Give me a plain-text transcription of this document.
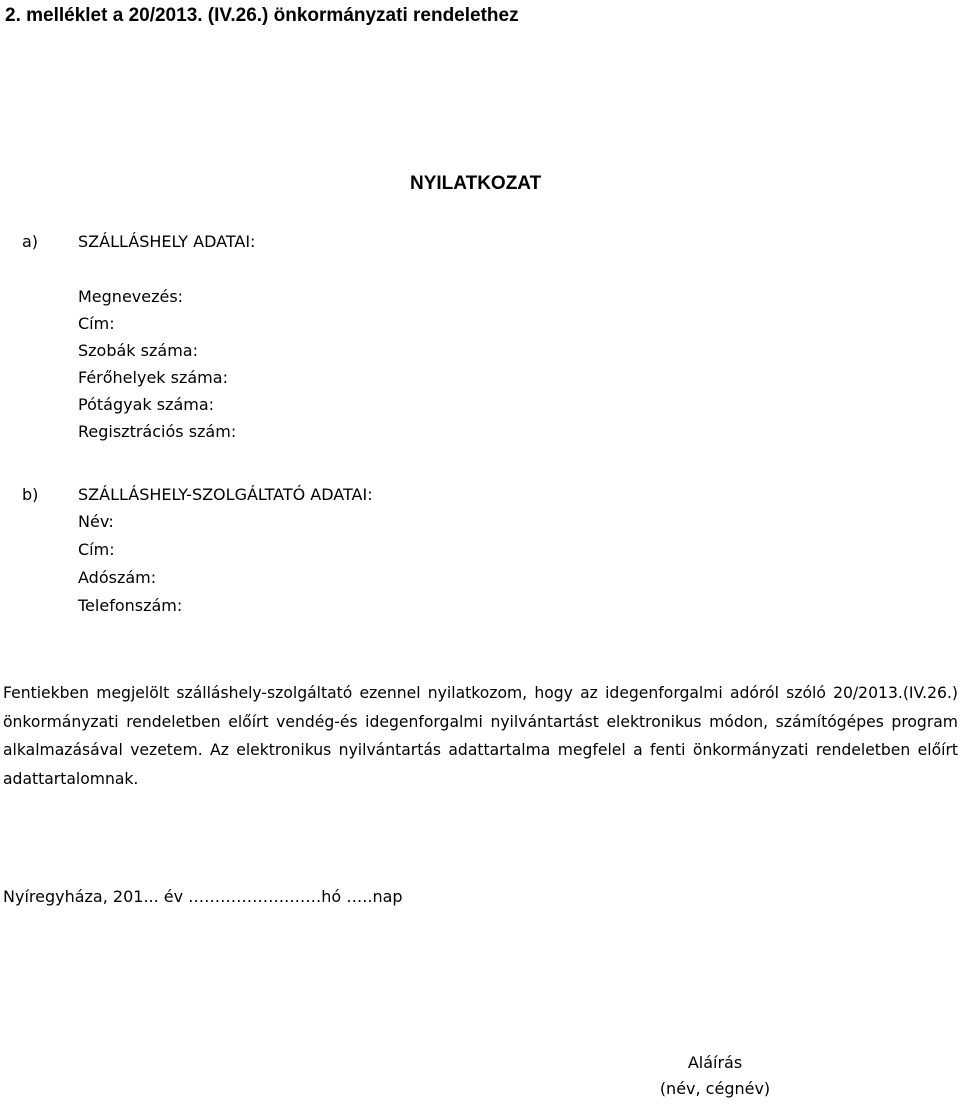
2. melléklet a 20/2013. (IV.26.) önkormányzati rendelethez
NYILATKOZAT
a) SZÁLLÁSHELY ADATAI:
Megnevezés:
Cím:
Szobák száma:
Férőhelyek száma:
Pótágyak száma:
Regisztrációs szám:
b) SZÁLLÁSHELY-SZOLGÁLTATÓ ADATAI:
Név:
Cím:
Adószám:
Telefonszám:

Fentiekben megjelölt szálláshely-szolgáltató ezennel nyilatkozom, hogy az idegenforgalmi adóról szóló 20/2013.(IV.26.) önkormányzati rendeletben előírt vendég-és idegenforgalmi nyilvántartást elektronikus módon, számítógépes program alkalmazásával vezetem. Az elektronikus nyilvántartás adattartalma megfelel a fenti önkormányzati rendeletben előírt adattartalomnak.

Nyíregyháza, 201... év ……………….……hó …..nap
Aláírás
(név, cégnév)
